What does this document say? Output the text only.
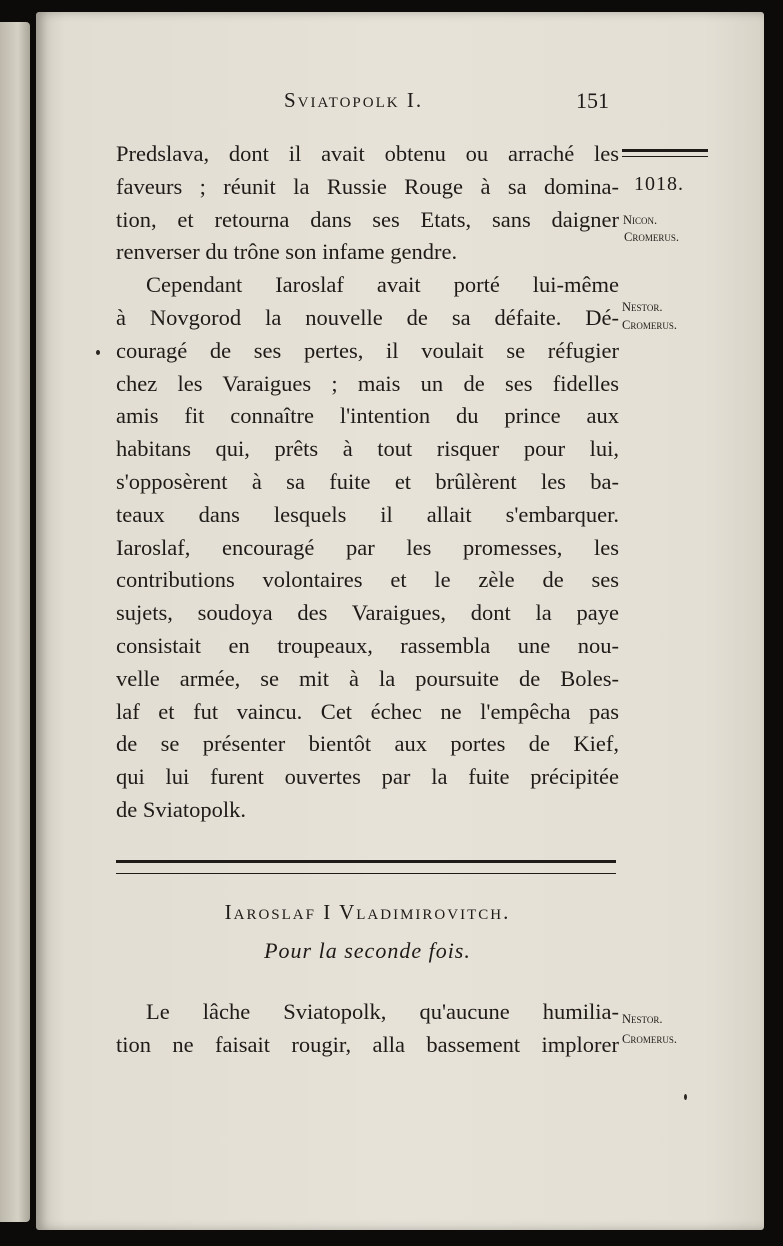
Sviatopolk I.	151
Predslava, dont il avait obtenu ou arraché les
faveurs ; réunit la Russie Rouge à sa domina-
tion, et retourna dans ses Etats, sans daigner
renverser du trône son infame gendre.
Cependant Iaroslaf avait porté lui-même
à Novgorod la nouvelle de sa défaite. Dé-
couragé de ses pertes, il voulait se réfugier
chez les Varaigues ; mais un de ses fidelles
amis fit connaître l'intention du prince aux
habitans qui, prêts à tout risquer pour lui,
s'opposèrent à sa fuite et brûlèrent les ba-
teaux dans lesquels il allait s'embarquer.
Iaroslaf, encouragé par les promesses, les
contributions volontaires et le zèle de ses
sujets, soudoya des Varaigues, dont la paye
consistait en troupeaux, rassembla une nou-
velle armée, se mit à la poursuite de Boles-
laf et fut vaincu. Cet échec ne l'empêcha pas
de se présenter bientôt aux portes de Kief,
qui lui furent ouvertes par la fuite précipitée
de Sviatopolk.
1018.
Nicon.
Cromerus.
Nestor.
Cromerus.
Iaroslaf I Vladimirovitch.
Pour la seconde fois.
Le lâche Sviatopolk, qu'aucune humilia-
tion ne faisait rougir, alla bassement implorer
Nestor.
Cromerus.
